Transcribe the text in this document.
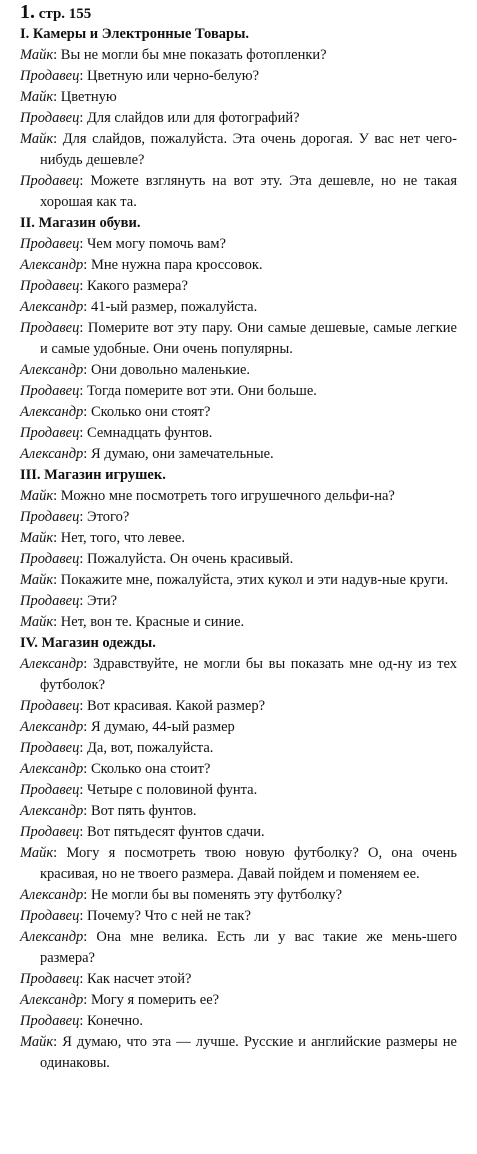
1. стр. 155
I. Камеры и Электронные Товары.

Майк: Вы не могли бы мне показать фотопленки?

Продавец: Цветную или черно-белую?

Майк: Цветную

Продавец: Для слайдов или для фотографий?

Майк: Для слайдов, пожалуйста. Эта очень дорогая. У вас нет чего-нибудь дешевле?

Продавец: Можете взглянуть на вот эту. Эта дешевле, но не такая хорошая как та.

II. Магазин обуви.

Продавец: Чем могу помочь вам?

Александр: Мне нужна пара кроссовок.

Продавец: Какого размера?

Александр: 41-ый размер, пожалуйста.

Продавец: Померите вот эту пару. Они самые дешевые, самые легкие и самые удобные. Они очень популярны.

Александр: Они довольно маленькие.

Продавец: Тогда померите вот эти. Они больше.

Александр: Сколько они стоят?

Продавец: Семнадцать фунтов.

Александр: Я думаю, они замечательные.

III. Магазин игрушек.

Майк: Можно мне посмотреть того игрушечного дельфи-на?

Продавец: Этого?

Майк: Нет, того, что левее.

Продавец: Пожалуйста. Он очень красивый.

Майк: Покажите мне, пожалуйста, этих кукол и эти надув-ные круги.

Продавец: Эти?

Майк: Нет, вон те. Красные и синие.

IV. Магазин одежды.

Александр: Здравствуйте, не могли бы вы показать мне од-ну из тех футболок?

Продавец: Вот красивая. Какой размер?

Александр: Я думаю, 44-ый размер

Продавец: Да, вот, пожалуйста.

Александр: Сколько она стоит?

Продавец: Четыре с половиной фунта.

Александр: Вот пять фунтов.

Продавец: Вот пятьдесят фунтов сдачи.

Майк: Могу я посмотреть твою новую футболку? О, она очень красивая, но не твоего размера. Давай пойдем и поменяем ее.

Александр: Не могли бы вы поменять эту футболку?

Продавец: Почему? Что с ней не так?

Александр: Она мне велика. Есть ли у вас такие же мень-шего размера?

Продавец: Как насчет этой?

Александр: Могу я померить ее?

Продавец: Конечно.

Майк: Я думаю, что эта — лучше. Русские и английские размеры не одинаковы.
